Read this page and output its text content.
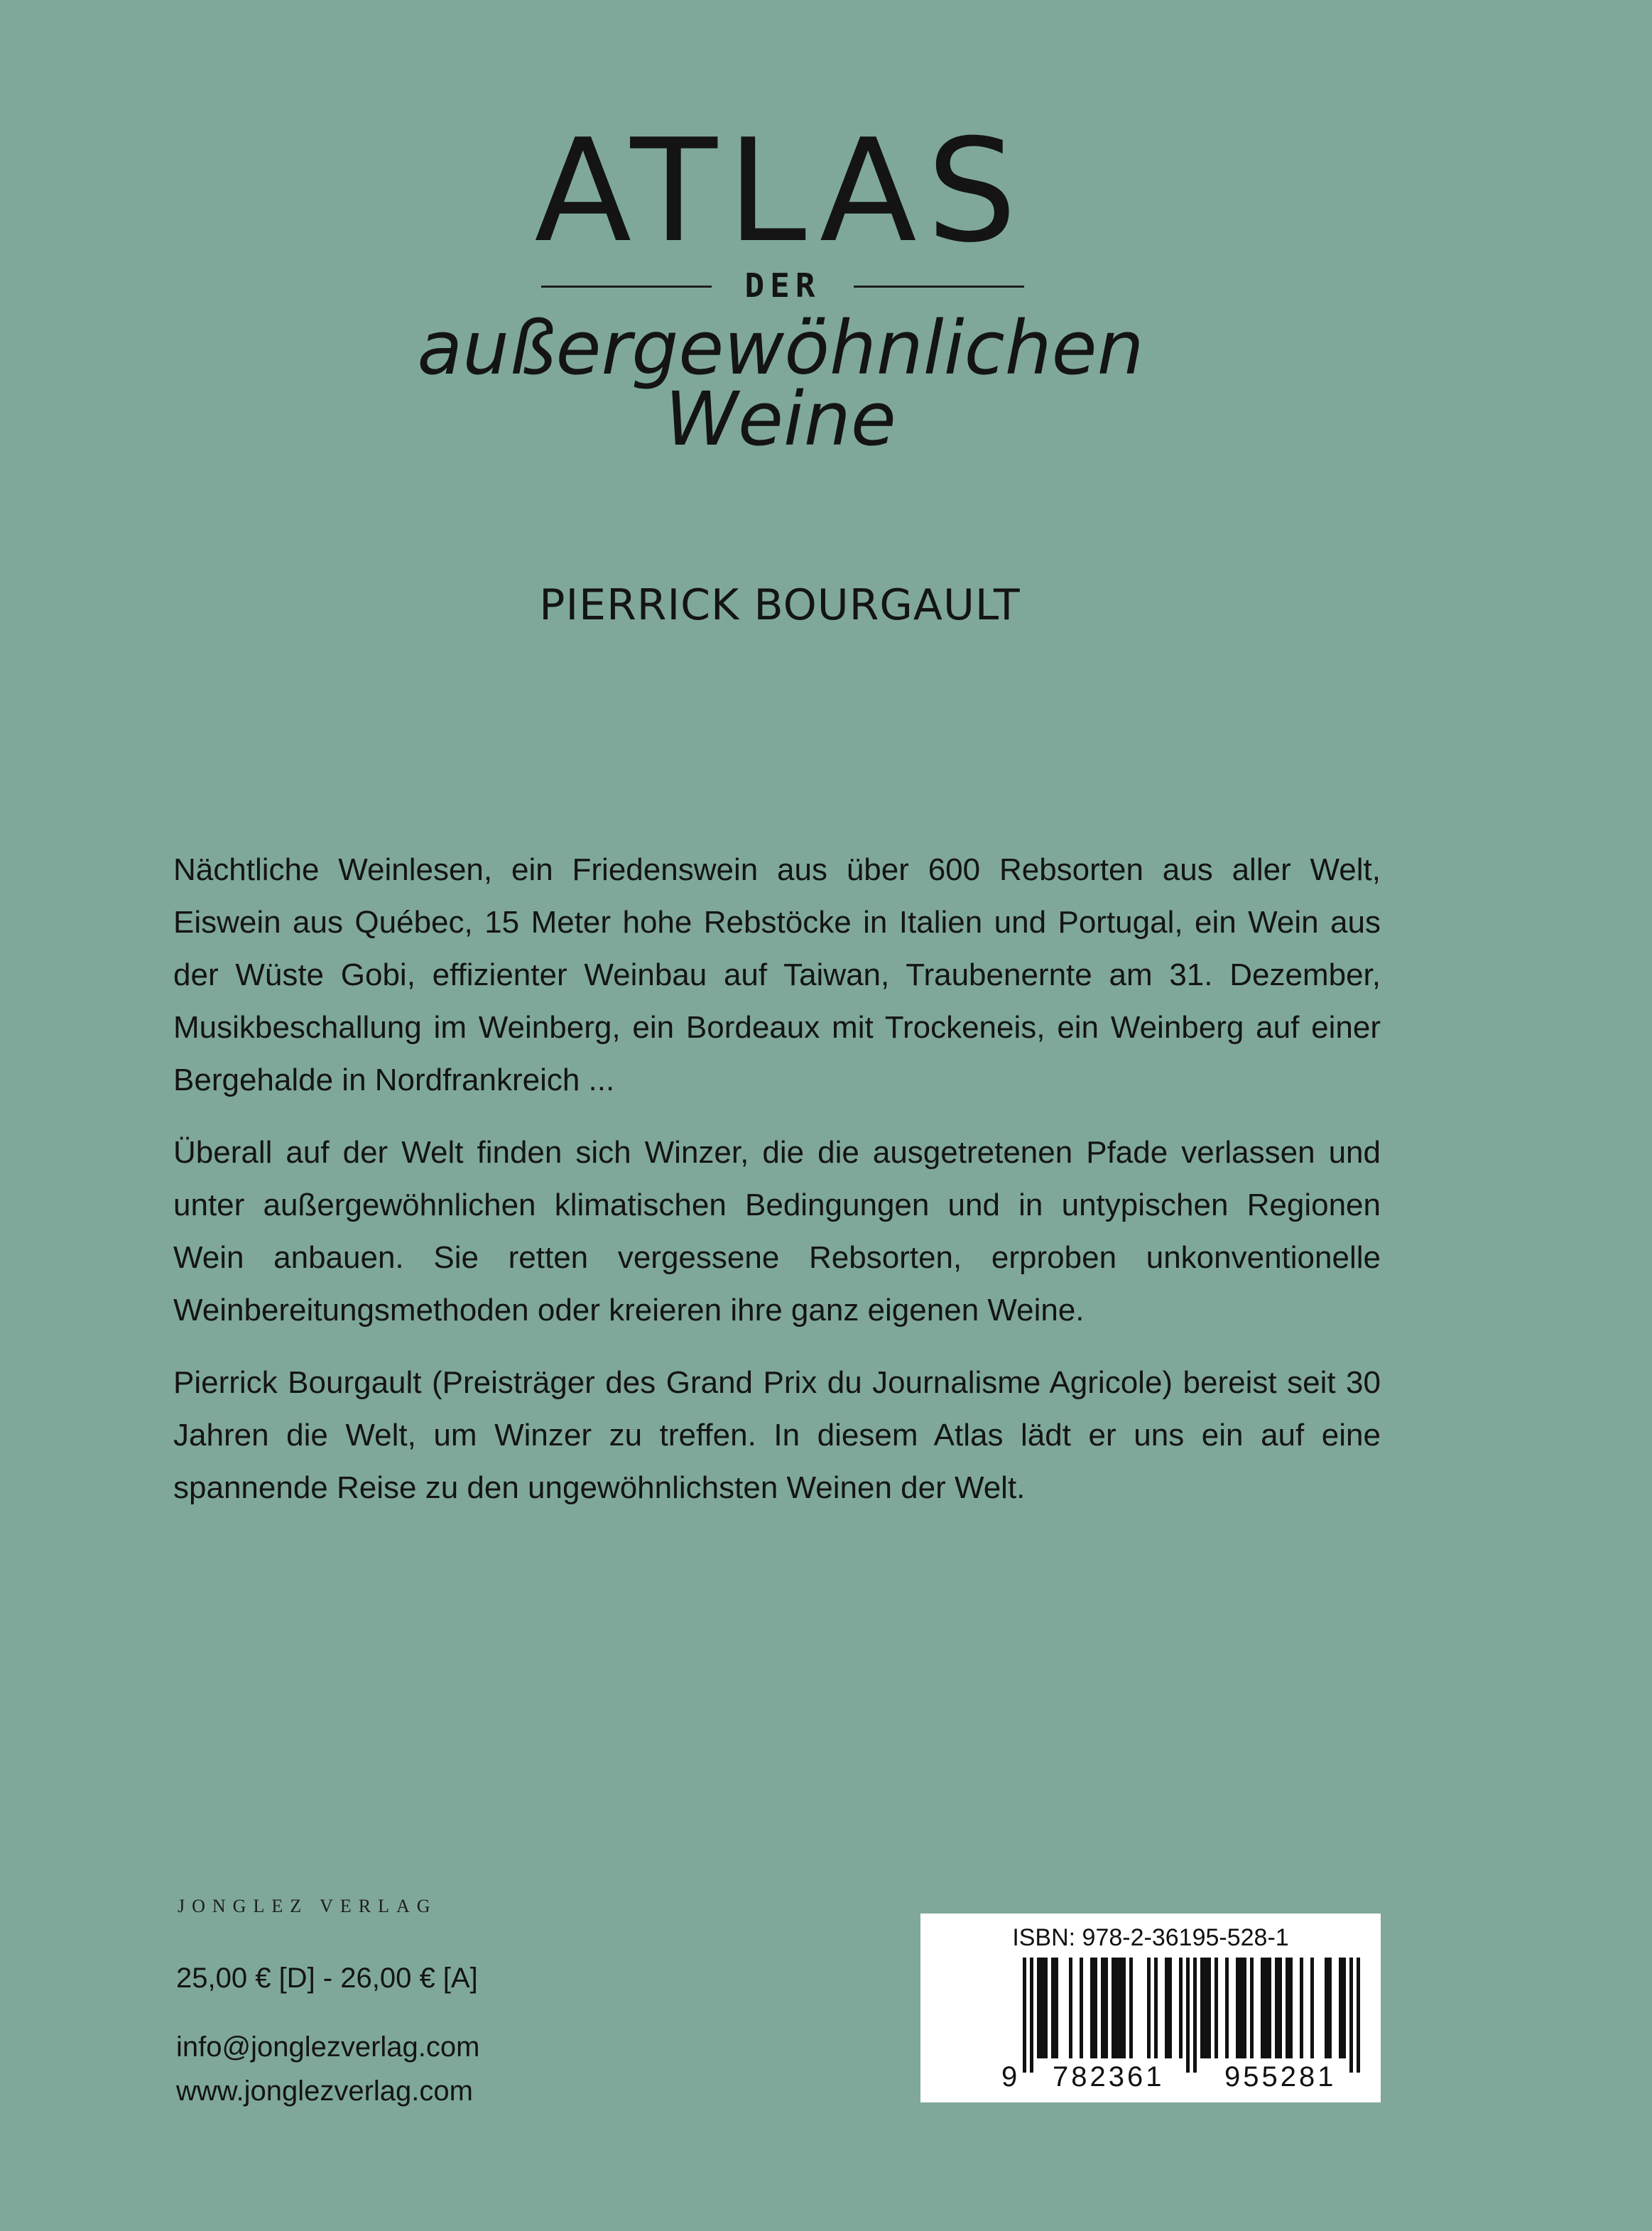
ATLAS
DER
außergewöhnlichen
Weine
PIERRICK BOURGAULT

Nächtliche Weinlesen, ein Friedenswein aus über 600 Rebsorten aus aller Welt, Eiswein aus Québec, 15 Meter hohe Rebstöcke in Italien und Portugal, ein Wein aus der Wüste Gobi, effizienter Weinbau auf Taiwan, Traubenernte am 31. Dezember, Musikbeschallung im Weinberg, ein Bordeaux mit Trockeneis, ein Weinberg auf einer Bergehalde in Nordfrankreich ...

Überall auf der Welt finden sich Winzer, die die ausgetretenen Pfade verlassen und unter außergewöhnlichen klimatischen Bedingungen und in untypischen Regionen Wein anbauen. Sie retten vergessene Rebsorten, erproben unkonventionelle Weinbereitungsmethoden oder kreieren ihre ganz eigenen Weine.

Pierrick Bourgault (Preisträger des Grand Prix du Journalisme Agricole) bereist seit 30 Jahren die Welt, um Winzer zu treffen. In diesem Atlas lädt er uns ein auf eine spannende Reise zu den ungewöhnlichsten Weinen der Welt.

JONGLEZ VERLAG
25,00 € [D] - 26,00 € [A]
info@jonglezverlag.com
www.jonglezverlag.com
ISBN: 978-2-36195-528-1
9 782361 955281
